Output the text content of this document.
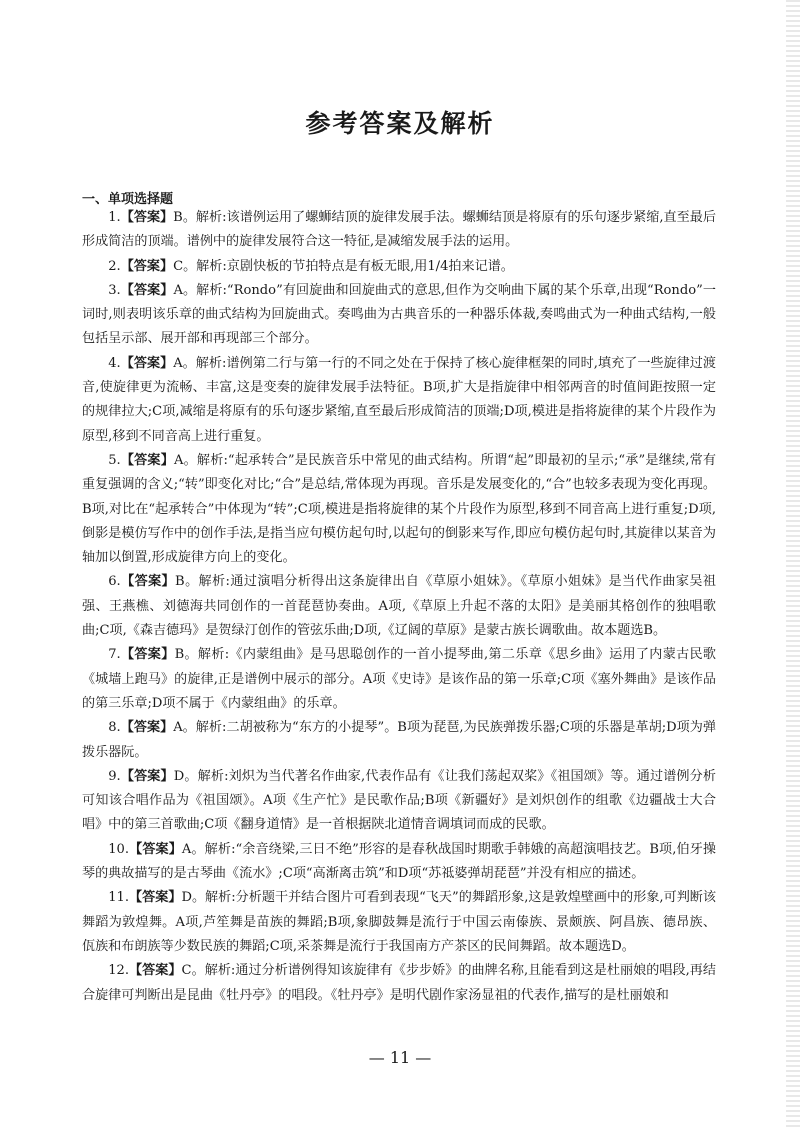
参考答案及解析
一、单项选择题

1.【答案】B。解析:该谱例运用了螺蛳结顶的旋律发展手法。螺蛳结顶是将原有的乐句逐步紧缩,直至最后形成简洁的顶端。谱例中的旋律发展符合这一特征,是减缩发展手法的运用。

2.【答案】C。解析:京剧快板的节拍特点是有板无眼,用1/4拍来记谱。

3.【答案】A。解析:“Rondo”有回旋曲和回旋曲式的意思,但作为交响曲下属的某个乐章,出现“Rondo”一词时,则表明该乐章的曲式结构为回旋曲式。奏鸣曲为古典音乐的一种器乐体裁,奏鸣曲式为一种曲式结构,一般包括呈示部、展开部和再现部三个部分。

4.【答案】A。解析:谱例第二行与第一行的不同之处在于保持了核心旋律框架的同时,填充了一些旋律过渡音,使旋律更为流畅、丰富,这是变奏的旋律发展手法特征。B项,扩大是指旋律中相邻两音的时值间距按照一定的规律拉大;C项,减缩是将原有的乐句逐步紧缩,直至最后形成简洁的顶端;D项,模进是指将旋律的某个片段作为原型,移到不同音高上进行重复。

5.【答案】A。解析:“起承转合”是民族音乐中常见的曲式结构。所谓“起”即最初的呈示;“承”是继续,常有重复强调的含义;“转”即变化对比;“合”是总结,常体现为再现。音乐是发展变化的,“合”也较多表现为变化再现。B项,对比在“起承转合”中体现为“转”;C项,模进是指将旋律的某个片段作为原型,移到不同音高上进行重复;D项,倒影是模仿写作中的创作手法,是指当应句模仿起句时,以起句的倒影来写作,即应句模仿起句时,其旋律以某音为轴加以倒置,形成旋律方向上的变化。

6.【答案】B。解析:通过演唱分析得出这条旋律出自《草原小姐妹》。《草原小姐妹》是当代作曲家吴祖强、王燕樵、刘德海共同创作的一首琵琶协奏曲。A项,《草原上升起不落的太阳》是美丽其格创作的独唱歌曲;C项,《森吉德玛》是贺绿汀创作的管弦乐曲;D项,《辽阔的草原》是蒙古族长调歌曲。故本题选B。

7.【答案】B。解析:《内蒙组曲》是马思聪创作的一首小提琴曲,第二乐章《思乡曲》运用了内蒙古民歌《城墙上跑马》的旋律,正是谱例中展示的部分。A项《史诗》是该作品的第一乐章;C项《塞外舞曲》是该作品的第三乐章;D项不属于《内蒙组曲》的乐章。

8.【答案】A。解析:二胡被称为“东方的小提琴”。B项为琵琶,为民族弹拨乐器;C项的乐器是革胡;D项为弹拨乐器阮。

9.【答案】D。解析:刘炽为当代著名作曲家,代表作品有《让我们荡起双桨》《祖国颂》等。通过谱例分析可知该合唱作品为《祖国颂》。A项《生产忙》是民歌作品;B项《新疆好》是刘炽创作的组歌《边疆战士大合唱》中的第三首歌曲;C项《翻身道情》是一首根据陕北道情音调填词而成的民歌。

10.【答案】A。解析:“余音绕梁,三日不绝”形容的是春秋战国时期歌手韩娥的高超演唱技艺。B项,伯牙操琴的典故描写的是古琴曲《流水》;C项“高渐离击筑”和D项“苏祗婆弹胡琵琶”并没有相应的描述。

11.【答案】D。解析:分析题干并结合图片可看到表现“飞天”的舞蹈形象,这是敦煌壁画中的形象,可判断该舞蹈为敦煌舞。A项,芦笙舞是苗族的舞蹈;B项,象脚鼓舞是流行于中国云南傣族、景颇族、阿昌族、德昂族、佤族和布朗族等少数民族的舞蹈;C项,采茶舞是流行于我国南方产茶区的民间舞蹈。故本题选D。

12.【答案】C。解析:通过分析谱例得知该旋律有《步步娇》的曲牌名称,且能看到这是杜丽娘的唱段,再结合旋律可判断出是昆曲《牡丹亭》的唱段。《牡丹亭》是明代剧作家汤显祖的代表作,描写的是杜丽娘和

— 11 —
